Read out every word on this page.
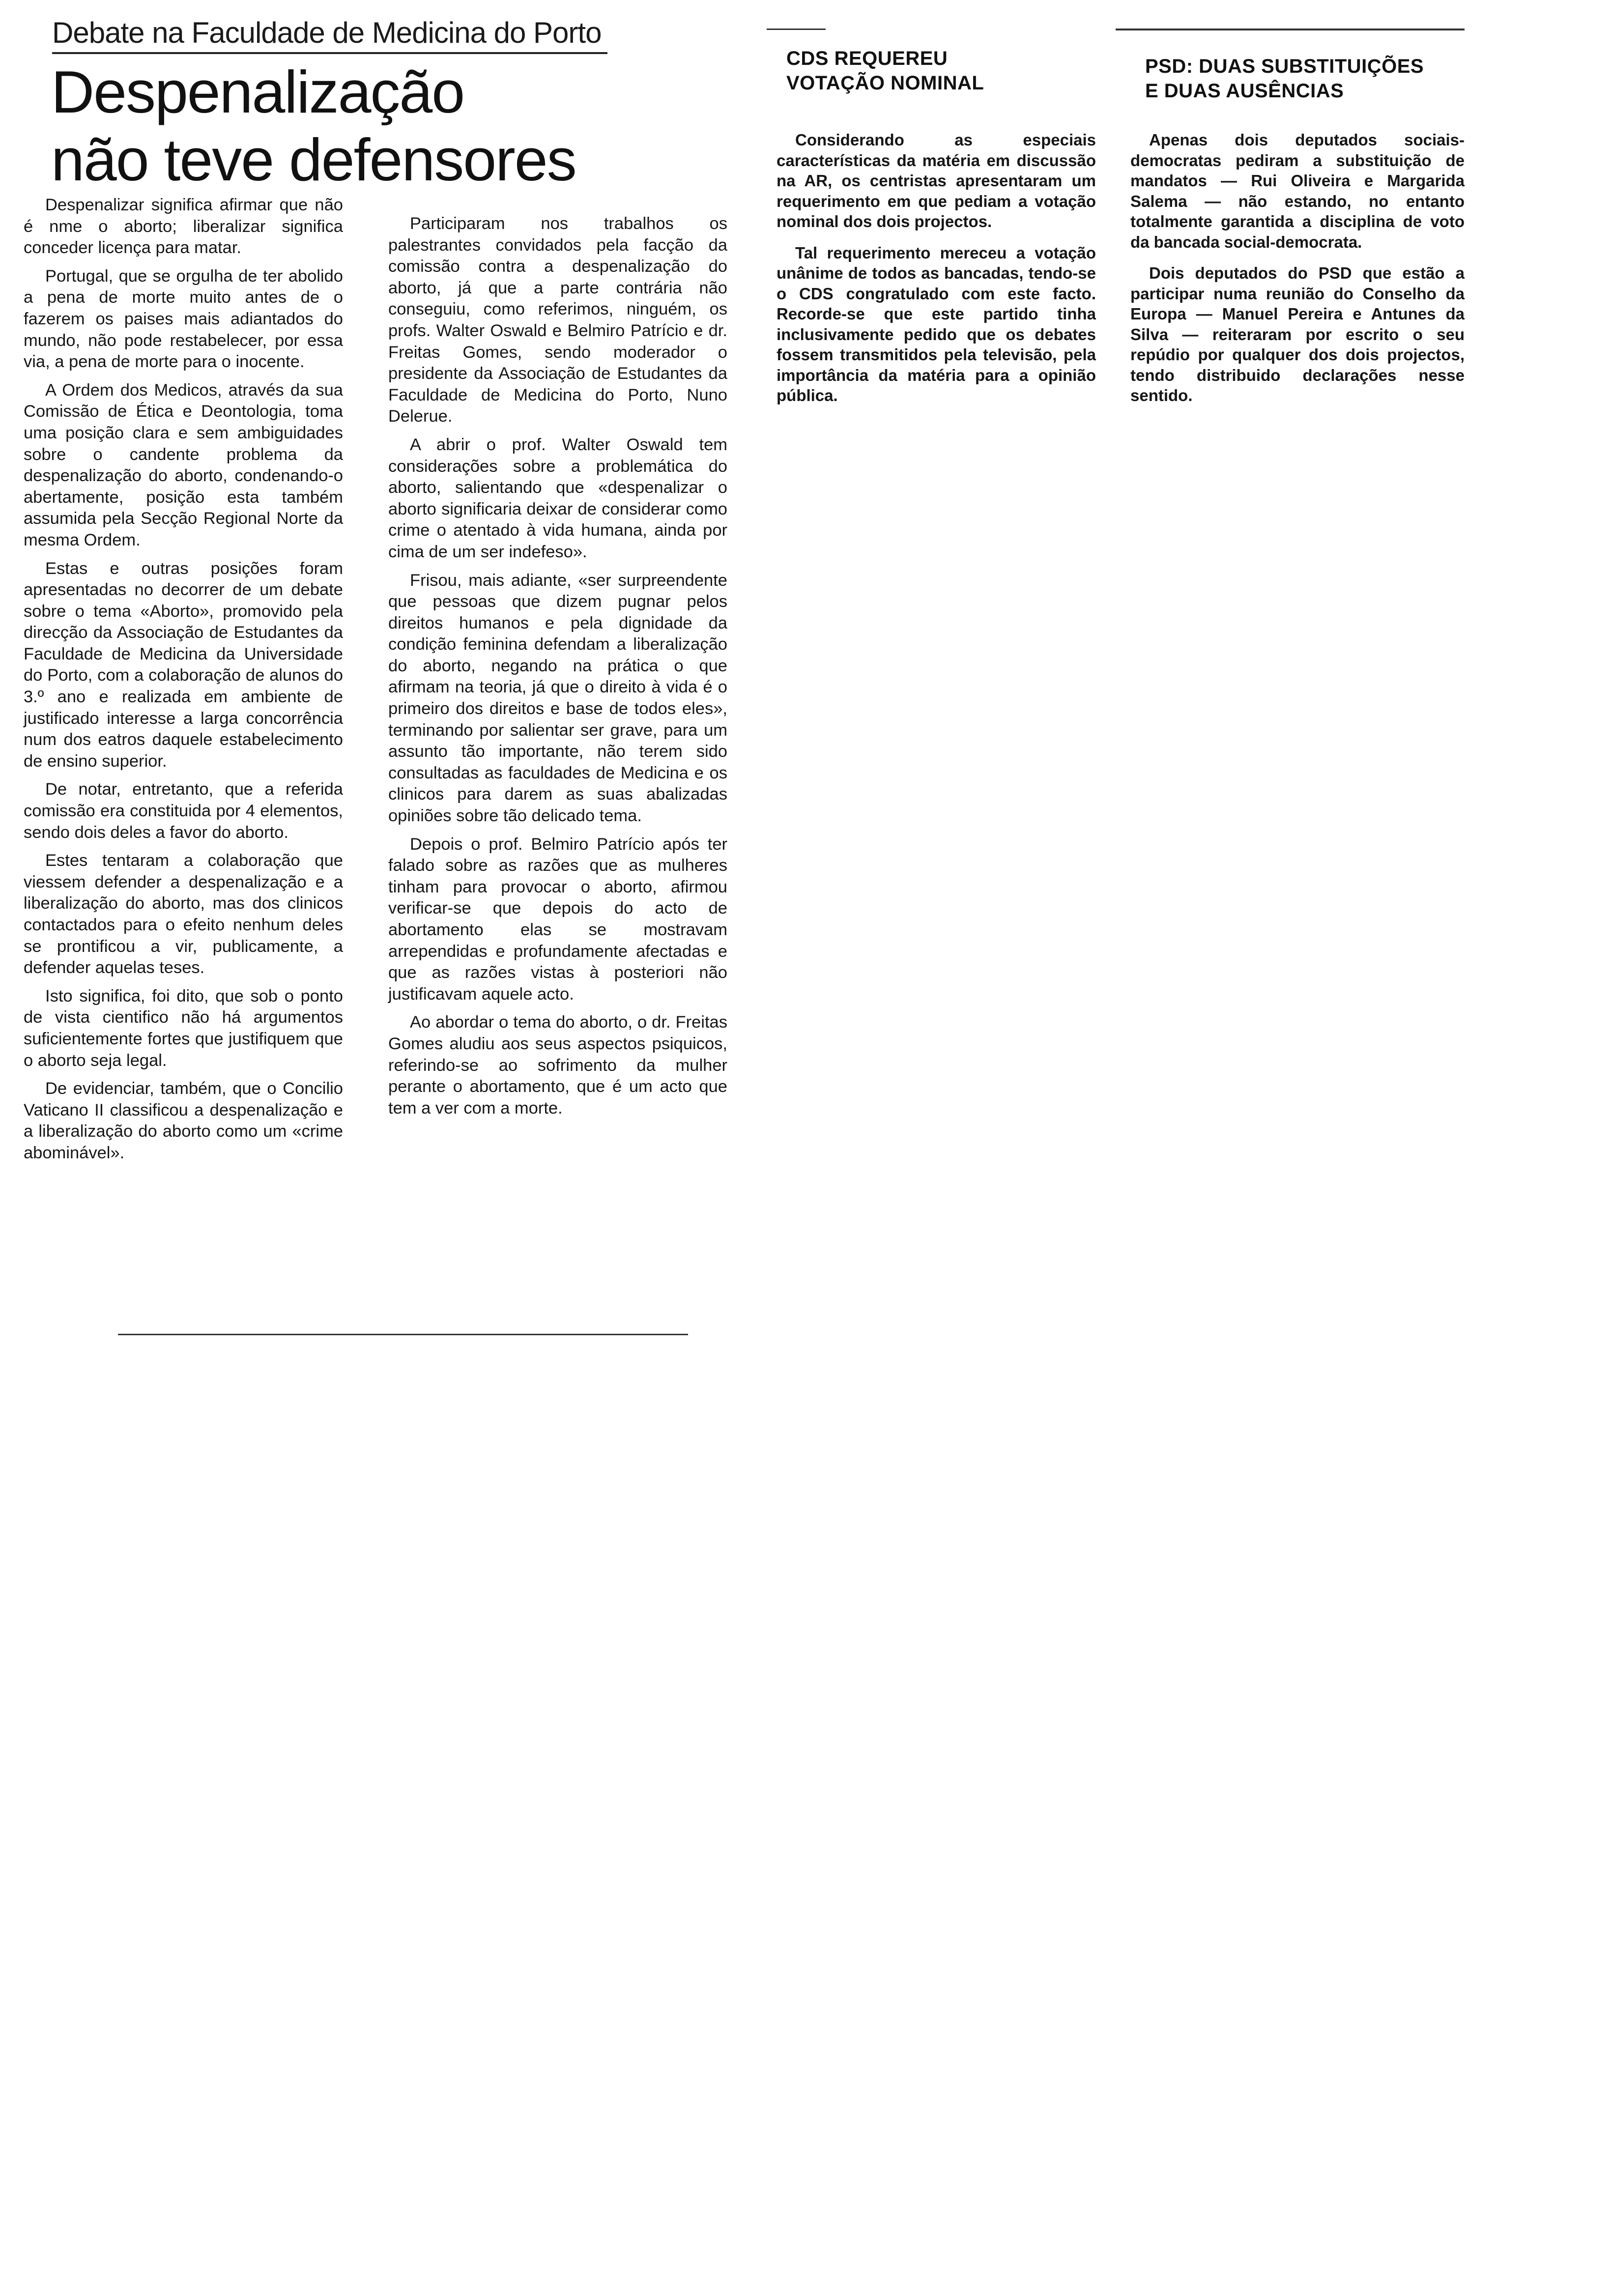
Debate na Faculdade de Medicina do Porto
Despenalização
não teve defensores

Despenalizar significa afirmar que não é nme o aborto; liberalizar significa conceder licença para matar.

Portugal, que se orgulha de ter abolido a pena de morte muito antes de o fazerem os paises mais adiantados do mundo, não pode restabelecer, por essa via, a pena de morte para o inocente.

A Ordem dos Medicos, através da sua Comissão de Ética e Deontologia, toma uma posição clara e sem ambiguidades sobre o candente problema da despenalização do aborto, condenando-o abertamente, posição esta também assumida pela Secção Regional Norte da mesma Ordem.

Estas e outras posições foram apresentadas no decorrer de um debate sobre o tema «Aborto», promovido pela direcção da Associação de Estudantes da Faculdade de Medicina da Universidade do Porto, com a colaboração de alunos do 3.º ano e realizada em ambiente de justificado interesse a larga concorrência num dos eatros daquele estabelecimento de ensino superior.

De notar, entretanto, que a referida comissão era constituida por 4 elementos, sendo dois deles a favor do aborto.

Estes tentaram a colaboração que viessem defender a despenalização e a liberalização do aborto, mas dos clinicos contactados para o efeito nenhum deles se prontificou a vir, publicamente, a defender aquelas teses.

Isto significa, foi dito, que sob o ponto de vista cientifico não há argumentos suficientemente fortes que justifiquem que o aborto seja legal.

De evidenciar, também, que o Concilio Vaticano II classificou a despenalização e a liberalização do aborto como um «crime abominável».

Participaram nos trabalhos os palestrantes convidados pela facção da comissão contra a despenalização do aborto, já que a parte contrária não conseguiu, como referimos, ninguém, os profs. Walter Oswald e Belmiro Patrício e dr. Freitas Gomes, sendo moderador o presidente da Associação de Estudantes da Faculdade de Medicina do Porto, Nuno Delerue.

A abrir o prof. Walter Oswald tem considerações sobre a problemática do aborto, salientando que «despenalizar o aborto significaria deixar de considerar como crime o atentado à vida humana, ainda por cima de um ser indefeso».

Frisou, mais adiante, «ser surpreendente que pessoas que dizem pugnar pelos direitos humanos e pela dignidade da condição feminina defendam a liberalização do aborto, negando na prática o que afirmam na teoria, já que o direito à vida é o primeiro dos direitos e base de todos eles», terminando por salientar ser grave, para um assunto tão importante, não terem sido consultadas as faculdades de Medicina e os clinicos para darem as suas abalizadas opiniões sobre tão delicado tema.

Depois o prof. Belmiro Patrício após ter falado sobre as razões que as mulheres tinham para provocar o aborto, afirmou verificar-se que depois do acto de abortamento elas se mostravam arrependidas e profundamente afectadas e que as razões vistas à posteriori não justificavam aquele acto.

Ao abordar o tema do aborto, o dr. Freitas Gomes aludiu aos seus aspectos psiquicos, referindo-se ao sofrimento da mulher perante o abortamento, que é um acto que tem a ver com a morte.

CDS REQUEREU
VOTAÇÃO NOMINAL

Considerando as especiais características da matéria em discussão na AR, os centristas apresentaram um requerimento em que pediam a votação nominal dos dois projectos.

Tal requerimento mereceu a votação unânime de todos as bancadas, tendo-se o CDS congratulado com este facto. Recorde-se que este partido tinha inclusivamente pedido que os debates fossem transmitidos pela televisão, pela importância da matéria para a opinião pública.

PSD: DUAS SUBSTITUIÇÕES
E DUAS AUSÊNCIAS

Apenas dois deputados sociais-democratas pediram a substituição de mandatos — Rui Oliveira e Margarida Salema — não estando, no entanto totalmente garantida a disciplina de voto da bancada social-democrata.

Dois deputados do PSD que estão a participar numa reunião do Conselho da Europa — Manuel Pereira e Antunes da Silva — reiteraram por escrito o seu repúdio por qualquer dos dois projectos, tendo distribuido declarações nesse sentido.
